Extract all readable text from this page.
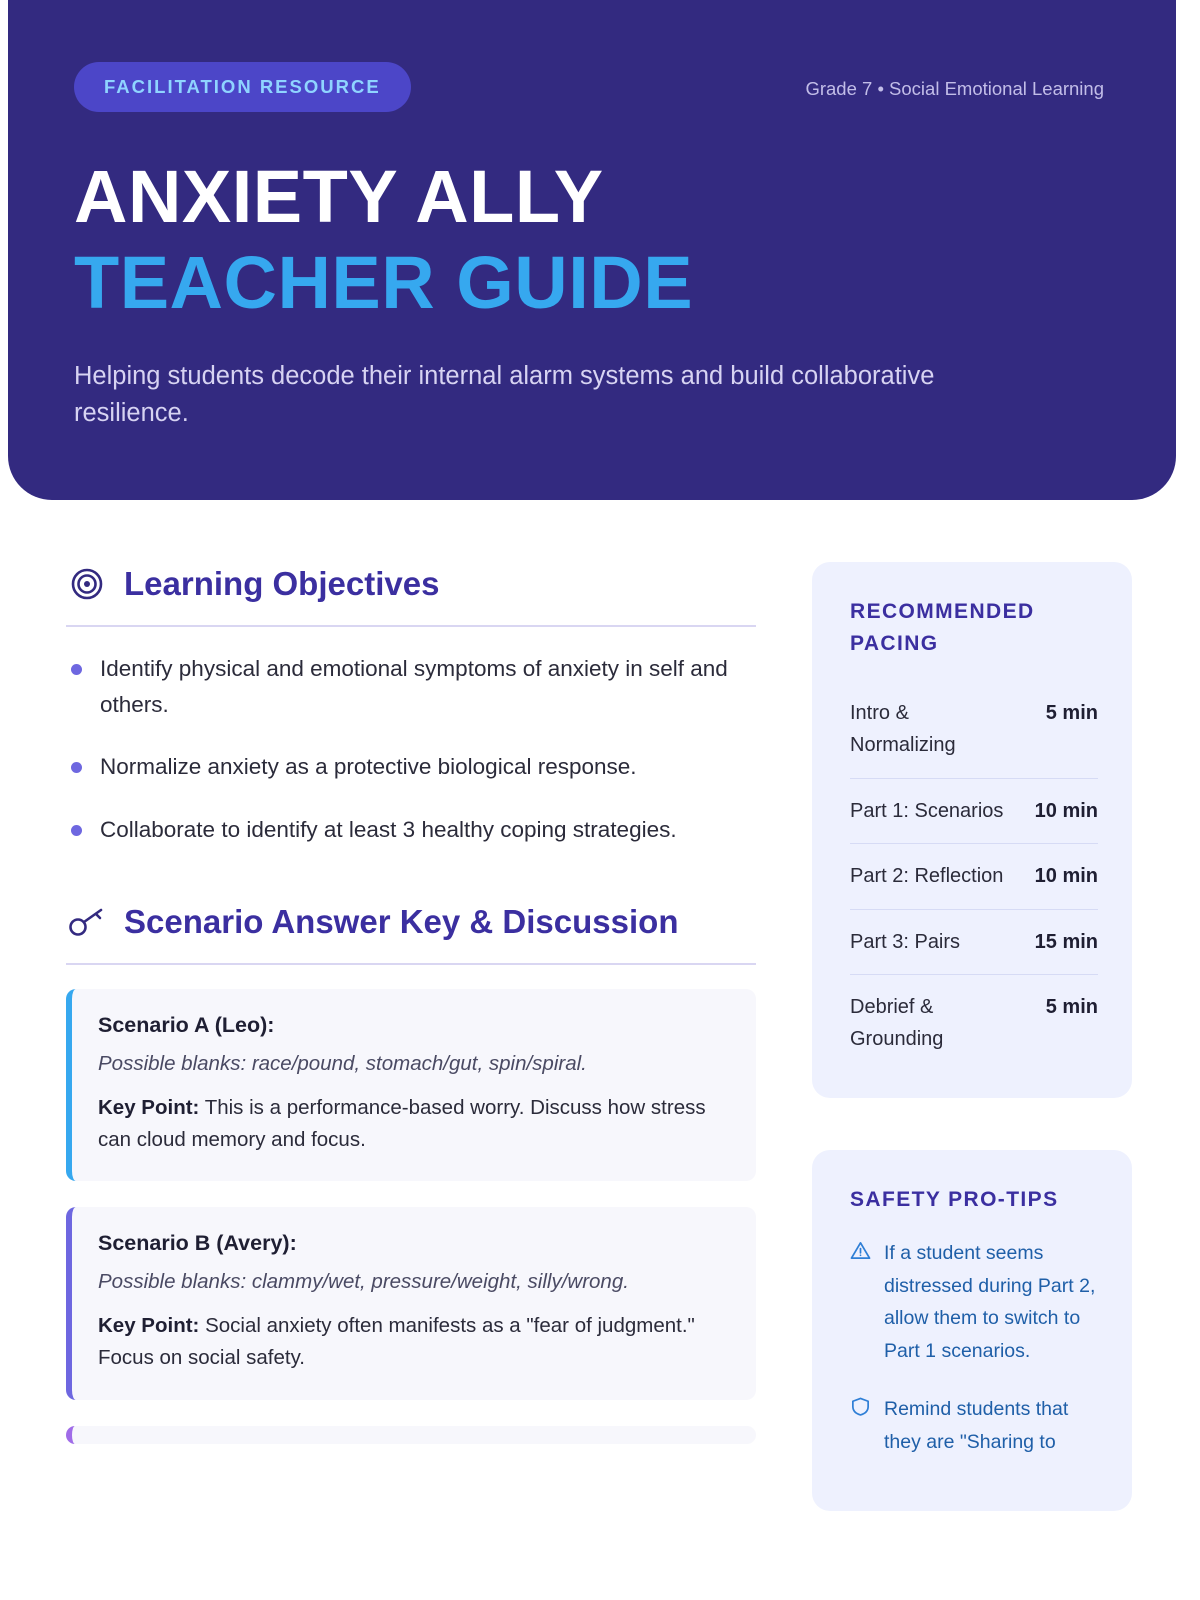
FACILITATION RESOURCE	Grade 7 • Social Emotional Learning
ANXIETY ALLY
TEACHER GUIDE
Helping students decode their internal alarm systems and build collaborative resilience.
Learning Objectives
Identify physical and emotional symptoms of anxiety in self and others.
Normalize anxiety as a protective biological response.
Collaborate to identify at least 3 healthy coping strategies.
Scenario Answer Key & Discussion
Scenario A (Leo):
Possible blanks: race/pound, stomach/gut, spin/spiral.
Key Point: This is a performance-based worry. Discuss how stress can cloud memory and focus.
Scenario B (Avery):
Possible blanks: clammy/wet, pressure/weight, silly/wrong.
Key Point: Social anxiety often manifests as a "fear of judgment." Focus on social safety.
RECOMMENDED PACING
Intro & Normalizing
5 min
Part 1: Scenarios 10 min
Part 2: Reflection 10 min
Part 3: Pairs	15 min
Debrief & Grounding
5 min
SAFETY PRO-TIPS
If a student seems distressed during Part 2, allow them to switch to Part 1 scenarios.
Remind students that they are "Sharing to
